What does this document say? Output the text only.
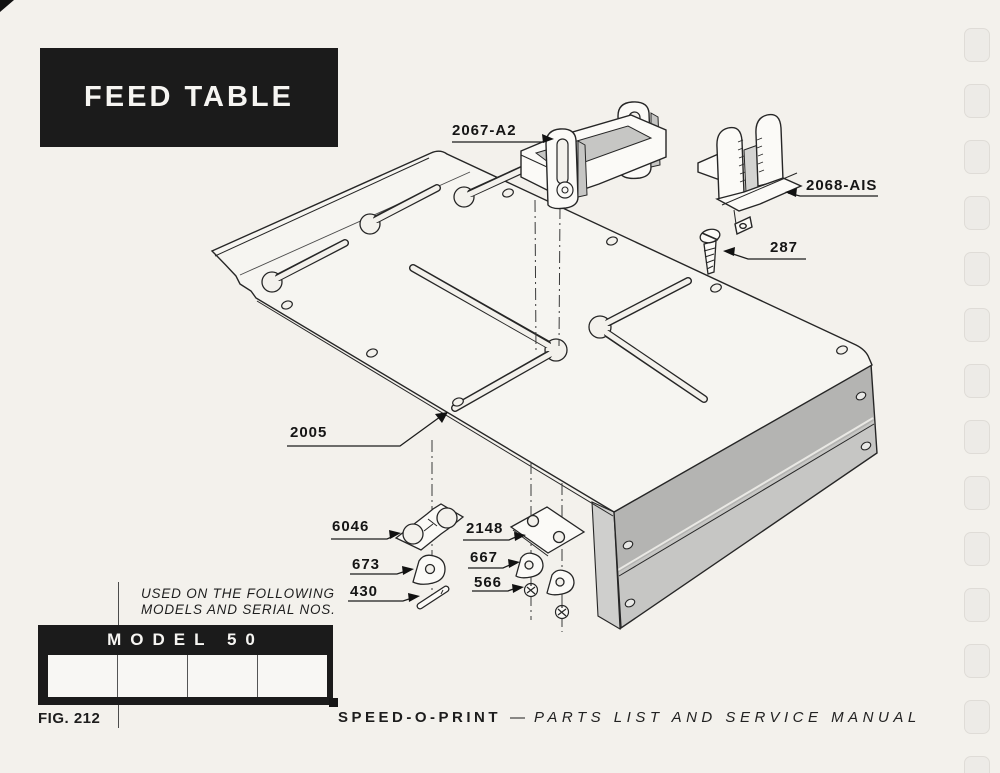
2067-A2
2068-AIS
287
2005
6046	2148
667
566
673
430
FEED TABLE
USED ON THE FOLLOWING
MODELS AND SERIAL NOS.
MODEL 50
FIG. 212	SPEED-O-PRINT — PARTS LIST AND SERVICE MANUAL
